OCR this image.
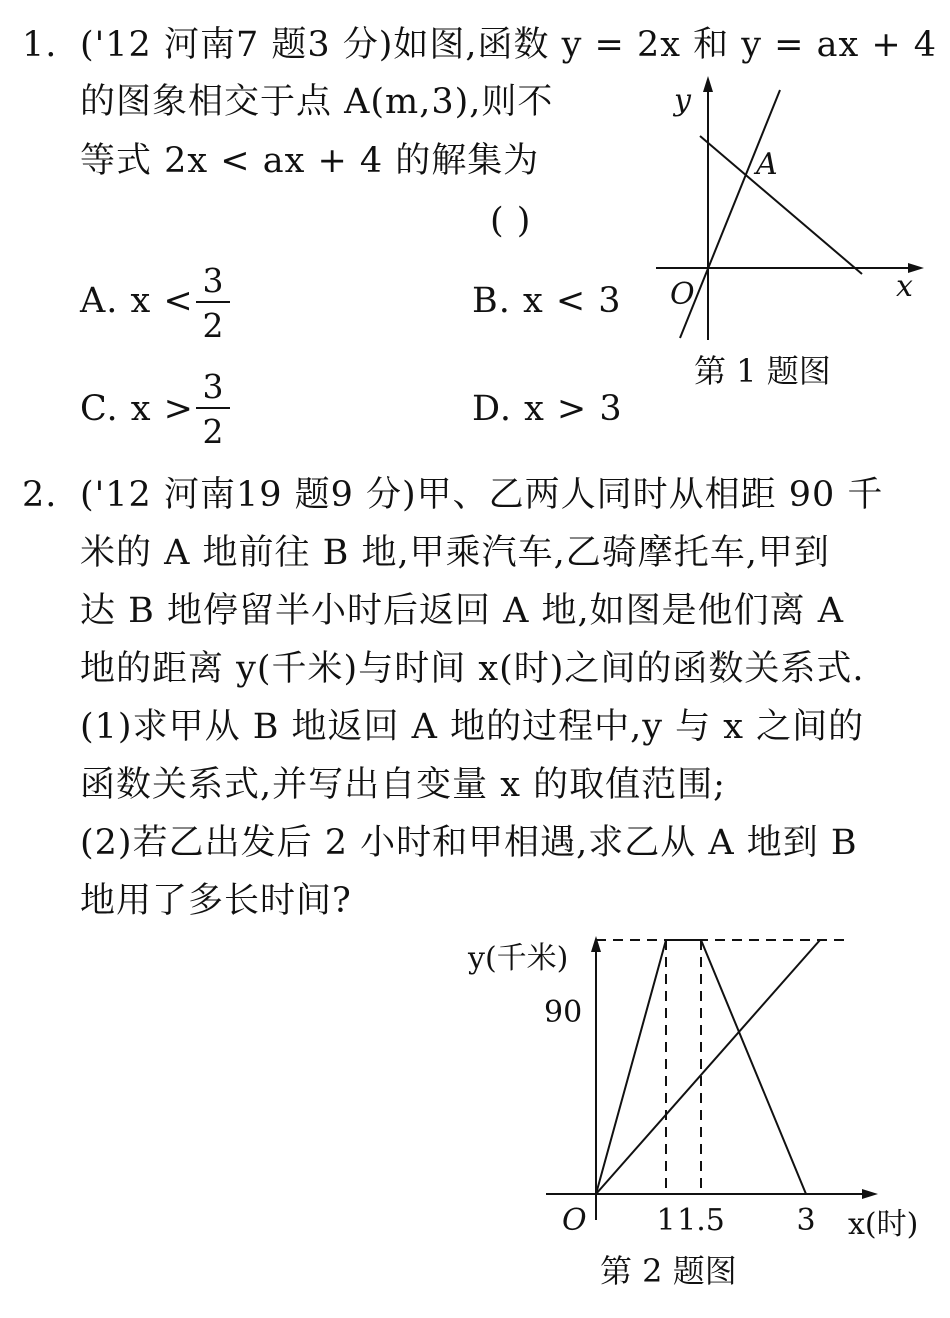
1. ('12 河南7 题3 分)如图,函数 y = 2x 和 y = ax + 4
的图象相交于点 A(m,3),则不
等式 2x < ax + 4 的解集为
( )
A. x <
3
2
B. x < 3
C. x >
3
2
D. x > 3
y
x
O
A
第 1 题图
2. ('12 河南19 题9 分)甲、乙两人同时从相距 90 千
米的 A 地前往 B 地,甲乘汽车,乙骑摩托车,甲到
达 B 地停留半小时后返回 A 地,如图是他们离 A
地的距离 y(千米)与时间 x(时)之间的函数关系式.
(1)求甲从 B 地返回 A 地的过程中,y 与 x 之间的
函数关系式,并写出自变量 x 的取值范围;
(2)若乙出发后 2 小时和甲相遇,求乙从 A 地到 B
地用了多长时间?
y(千米)
x(时)
O
90
1 1.5 3
第 2 题图
